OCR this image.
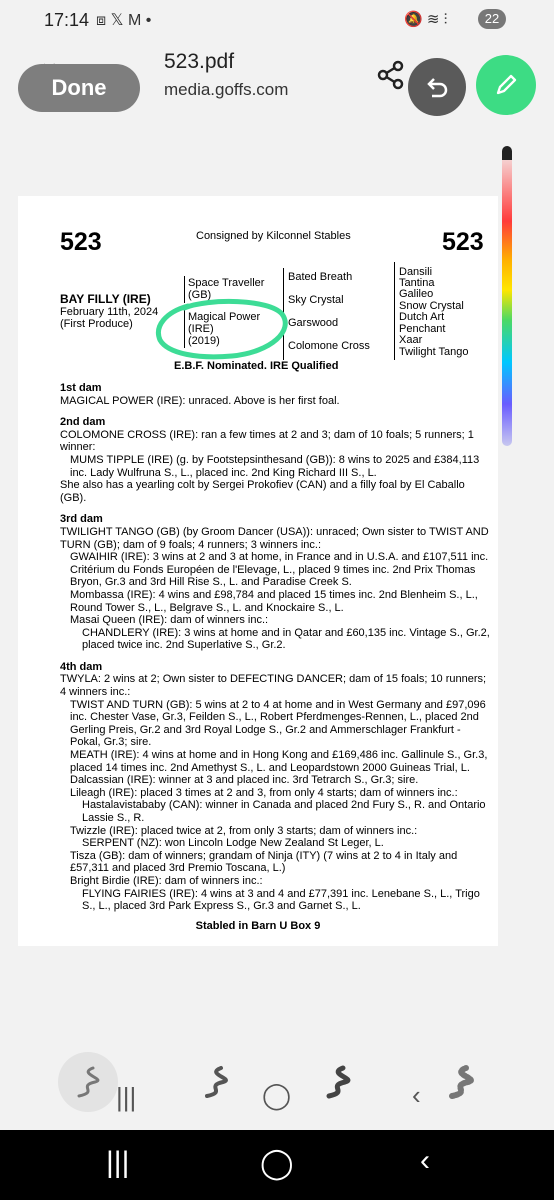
17:14 ⧈ 𝕏 M •	🔕 ≋ ⫶	22
Done
523.pdf
media.goffs.com
523	Consigned by Kilconnel Stables	523
BAY FILLY (IRE)
February 11th, 2024
(First Produce)
Space Traveller
(GB)
Magical Power
(IRE)
(2019)
Bated Breath
Sky Crystal
Garswood
Colomone Cross
Dansili
Tantina
Galileo
Snow Crystal
Dutch Art
Penchant
Xaar
Twilight Tango
E.B.F. Nominated. IRE Qualified

1st dam

MAGICAL POWER (IRE): unraced. Above is her first foal.

2nd dam

COLOMONE CROSS (IRE): ran a few times at 2 and 3; dam of 10 foals; 5 runners; 1 winner:

MUMS TIPPLE (IRE) (g. by Footstepsinthesand (GB)): 8 wins to 2025 and £384,113 inc. Lady Wulfruna S., L., placed inc. 2nd King Richard III S., L.

She also has a yearling colt by Sergei Prokofiev (CAN) and a filly foal by El Caballo (GB).

3rd dam

TWILIGHT TANGO (GB) (by Groom Dancer (USA)): unraced; Own sister to TWIST AND TURN (GB); dam of 9 foals; 4 runners; 3 winners inc.:

GWAIHIR (IRE): 3 wins at 2 and 3 at home, in France and in U.S.A. and £107,511 inc. Critérium du Fonds Européen de l'Elevage, L., placed 9 times inc. 2nd Prix Thomas Bryon, Gr.3 and 3rd Hill Rise S., L. and Paradise Creek S.

Mombassa (IRE): 4 wins and £98,784 and placed 15 times inc. 2nd Blenheim S., L., Round Tower S., L., Belgrave S., L. and Knockaire S., L.

Masai Queen (IRE): dam of winners inc.:

CHANDLERY (IRE): 3 wins at home and in Qatar and £60,135 inc. Vintage S., Gr.2, placed twice inc. 2nd Superlative S., Gr.2.

4th dam

TWYLA: 2 wins at 2; Own sister to DEFECTING DANCER; dam of 15 foals; 10 runners; 4 winners inc.:

TWIST AND TURN (GB): 5 wins at 2 to 4 at home and in West Germany and £97,096 inc. Chester Vase, Gr.3, Feilden S., L., Robert Pferdmenges-Rennen, L., placed 2nd Gerling Preis, Gr.2 and 3rd Royal Lodge S., Gr.2 and Ammerschlager Frankfurt - Pokal, Gr.3; sire.

MEATH (IRE): 4 wins at home and in Hong Kong and £169,486 inc. Gallinule S., Gr.3, placed 14 times inc. 2nd Amethyst S., L. and Leopardstown 2000 Guineas Trial, L.

Dalcassian (IRE): winner at 3 and placed inc. 3rd Tetrarch S., Gr.3; sire.

Lileagh (IRE): placed 3 times at 2 and 3, from only 4 starts; dam of winners inc.:

Hastalavistababy (CAN): winner in Canada and placed 2nd Fury S., R. and Ontario Lassie S., R.

Twizzle (IRE): placed twice at 2, from only 3 starts; dam of winners inc.:

SERPENT (NZ): won Lincoln Lodge New Zealand St Leger, L.

Tisza (GB): dam of winners; grandam of Ninja (ITY) (7 wins at 2 to 4 in Italy and £57,311 and placed 3rd Premio Toscana, L.)

Bright Birdie (IRE): dam of winners inc.:

FLYING FAIRIES (IRE): 4 wins at 3 and 4 and £77,391 inc. Lenebane S., L., Trigo S., L., placed 3rd Park Express S., Gr.3 and Garnet S., L.

Stabled in Barn U Box 9
|||	◯	‹
|||	◯	‹
